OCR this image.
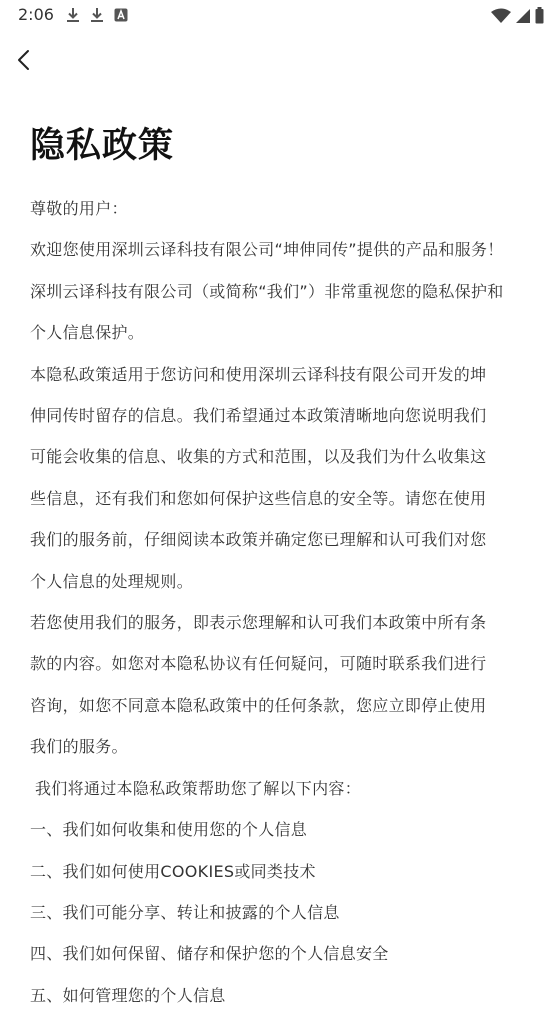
2:06
隐私政策

尊敬的用户：

欢迎您使用深圳云译科技有限公司“坤伸同传”提供的产品和服务！

深圳云译科技有限公司（或简称“我们”）非常重视您的隐私保护和

个人信息保护。

本隐私政策适用于您访问和使用深圳云译科技有限公司开发的坤

伸同传时留存的信息。我们希望通过本政策清晰地向您说明我们

可能会收集的信息、收集的方式和范围，以及我们为什么收集这

些信息，还有我们和您如何保护这些信息的安全等。请您在使用

我们的服务前，仔细阅读本政策并确定您已理解和认可我们对您

个人信息的处理规则。

若您使用我们的服务，即表示您理解和认可我们本政策中所有条

款的内容。如您对本隐私协议有任何疑问，可随时联系我们进行

咨询，如您不同意本隐私政策中的任何条款，您应立即停止使用

我们的服务。

我们将通过本隐私政策帮助您了解以下内容：

一、我们如何收集和使用您的个人信息

二、我们如何使用COOKIES或同类技术

三、我们可能分享、转让和披露的个人信息

四、我们如何保留、储存和保护您的个人信息安全

五、如何管理您的个人信息
